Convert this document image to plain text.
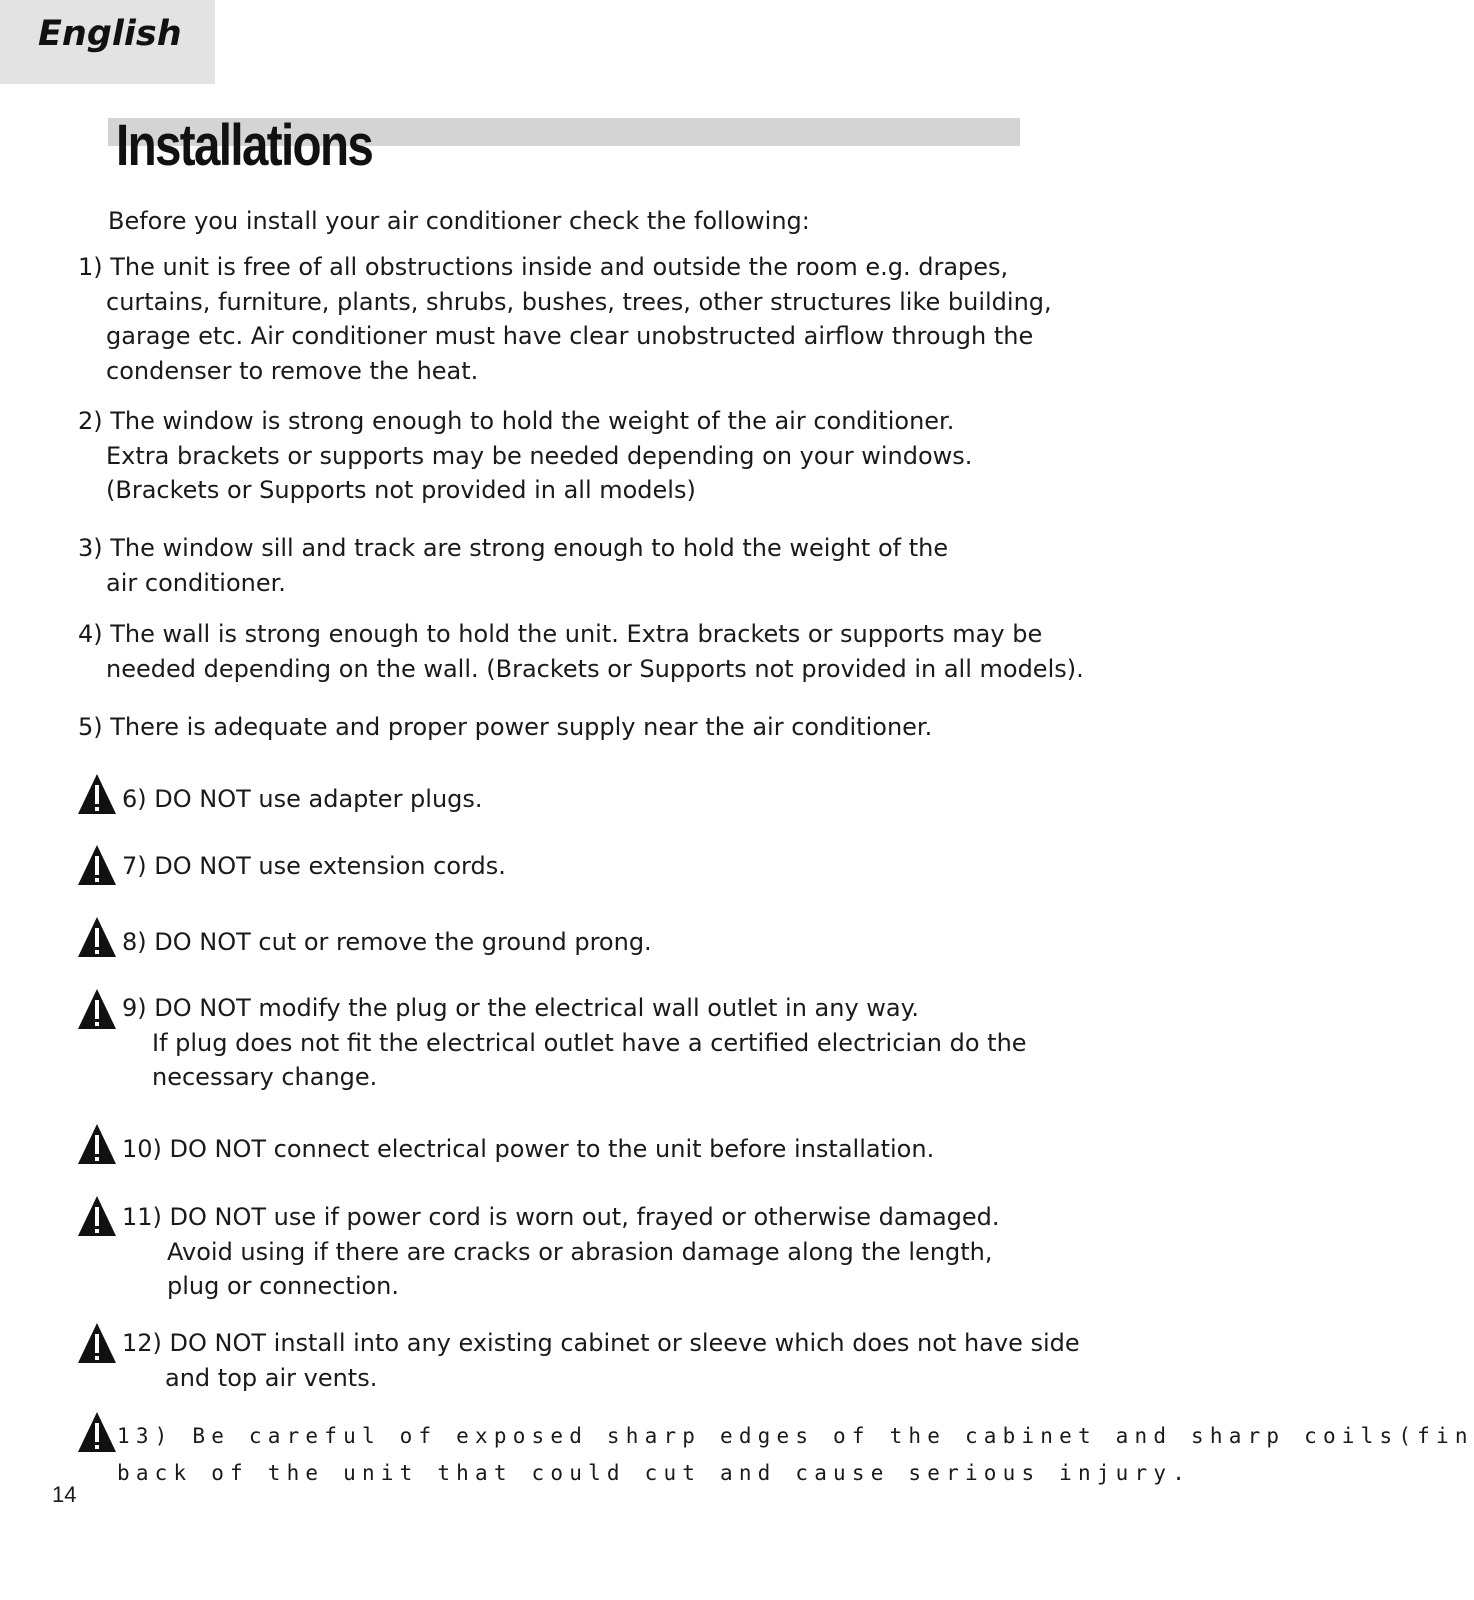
English
Installations
Before you install your air conditioner check the following:
1) The unit is free of all obstructions inside and outside the room e.g. drapes,
curtains, furniture, plants, shrubs, bushes, trees, other structures like building,
garage etc. Air conditioner must have clear unobstructed airflow through the
condenser to remove the heat.
2) The window is strong enough to hold the weight of the air conditioner.
Extra brackets or supports may be needed depending on your windows.
(Brackets or Supports not provided in all models)
3) The window sill and track are strong enough to hold the weight of the
air conditioner.
4) The wall is strong enough to hold the unit. Extra brackets or supports may be
needed depending on the wall. (Brackets or Supports not provided in all models).
5) There is adequate and proper power supply near the air conditioner.
6) DO NOT use adapter plugs.
7) DO NOT use extension cords.
8) DO NOT cut or remove the ground prong.
9) DO NOT modify the plug or the electrical wall outlet in any way.
If plug does not fit the electrical outlet have a certified electrician do the
necessary change.
10) DO NOT connect electrical power to the unit before installation.
11) DO NOT use if power cord is worn out, frayed or otherwise damaged.
Avoid using if there are cracks or abrasion damage along the length,
plug or connection.
12) DO NOT install into any existing cabinet or sleeve which does not have side
and top air vents.
13) Be careful of exposed sharp edges of the cabinet and sharp coils(fin
back of the unit that could cut and cause serious injury.
14
